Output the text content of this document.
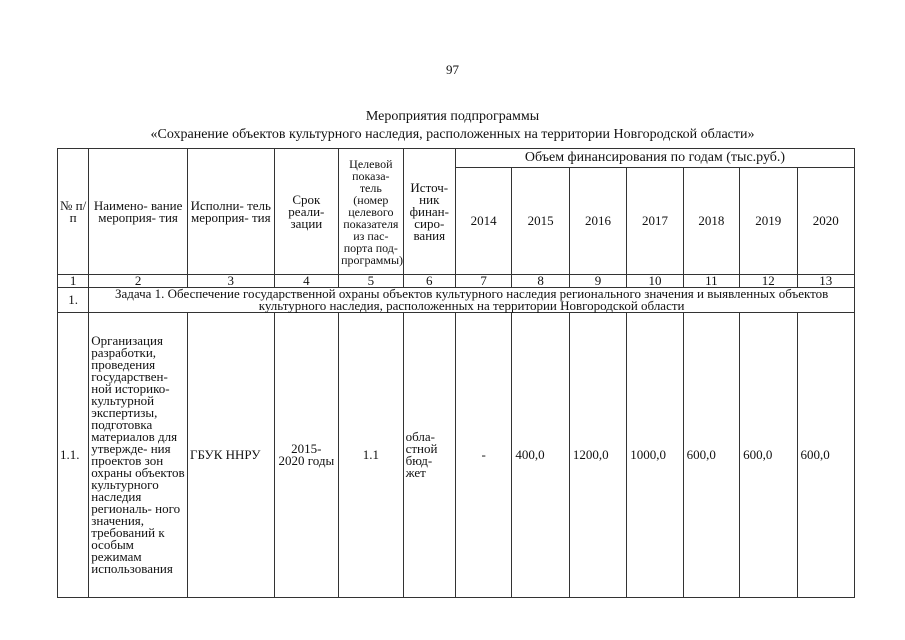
97
Мероприятия подпрограммы
«Сохранение объектов культурного наследия, расположенных на территории Новгородской области»
№ п/п	Наимено- вание мероприя- тия	Исполни- тель мероприя- тия	Срок реали- зации	Целевой показа- тель (номер целевого показателя из пас- порта под- программы)	Источ- ник финан- сиро- вания	Объем финансирования по годам (тыс.руб.)						
						2014	2015	2016	2017	2018	2019	2020
1	2	3	4	5	6	7	8	9	10	11	12	13
1.	Задача 1. Обеспечение государственной охраны объектов культурного наследия регионального значения и выявленных объектов культурного наследия, расположенных на территории Новгородской области											
1.1.	Организация разработки, проведения государствен- ной историко- культурной экспертизы, подготовка материалов для утвержде- ния проектов зон охраны объектов культурного наследия региональ- ного значения, требований к особым режимам использования	ГБУК ННРУ	2015- 2020 годы	1.1	обла- стной бюд- жет	-	400,0	1200,0	1000,0	600,0	600,0	600,0
